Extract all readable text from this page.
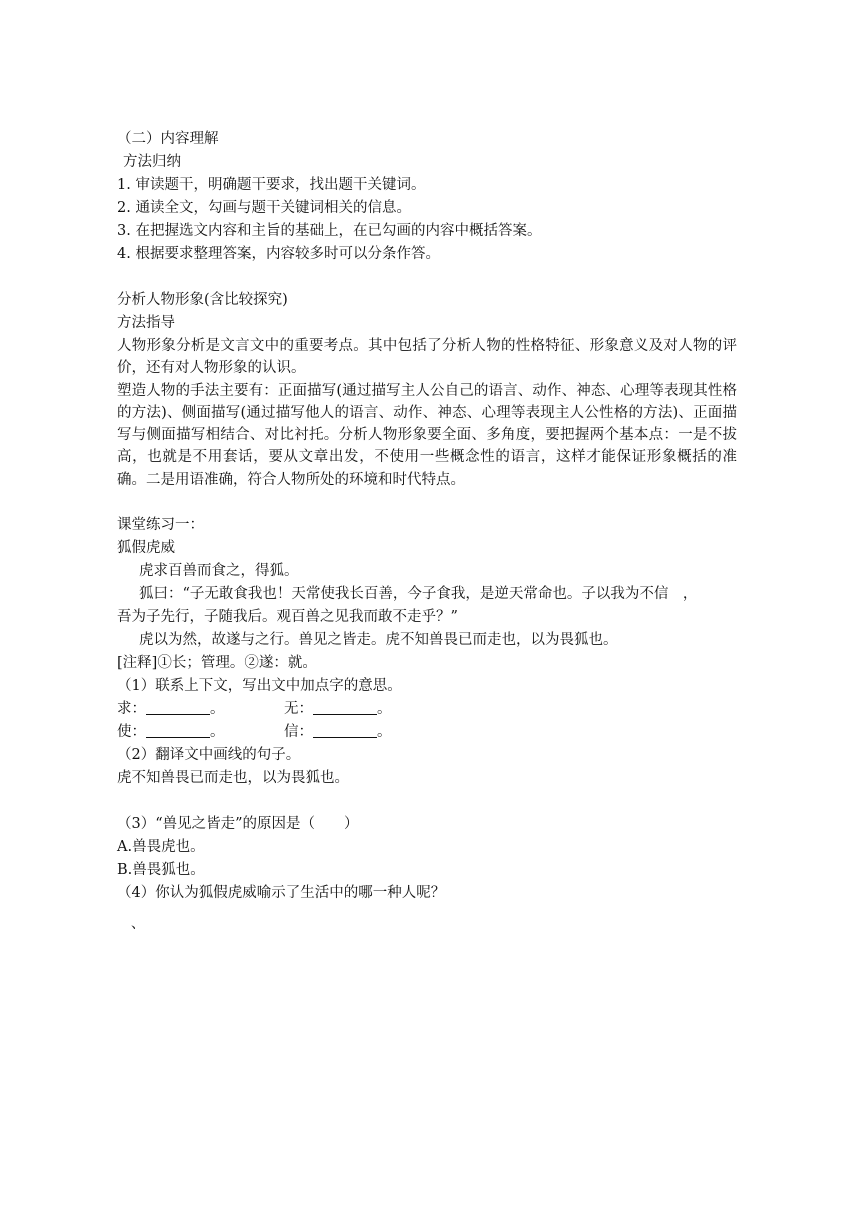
（二）内容理解
方法归纳
1. 审读题干，明确题干要求，找出题干关键词。
2. 通读全文，勾画与题干关键词相关的信息。
3. 在把握选文内容和主旨的基础上，在已勾画的内容中概括答案。
4. 根据要求整理答案，内容较多时可以分条作答。
分析人物形象(含比较探究)
方法指导
人物形象分析是文言文中的重要考点。其中包括了分析人物的性格特征、形象意义及对人物的评价，还有对人物形象的认识。
塑造人物的手法主要有：正面描写(通过描写主人公自己的语言、动作、神态、心理等表现其性格的方法)、侧面描写(通过描写他人的语言、动作、神态、心理等表现主人公性格的方法)、正面描写与侧面描写相结合、对比衬托。分析人物形象要全面、多角度，要把握两个基本点：一是不拔高，也就是不用套话，要从文章出发，不使用一些概念性的语言，这样才能保证形象概括的准确。二是用语准确，符合人物所处的环境和时代特点。
课堂练习一：
狐假虎威
虎求百兽而食之，得狐。
狐曰：“子无敢食我也！天常使我长百善，今子食我，是逆天常命也。子以我为不信　，
吾为子先行，子随我后。观百兽之见我而敢不走乎？”
虎以为然，故遂与之行。兽见之皆走。虎不知兽畏已而走也，以为畏狐也。
[注释]①长；管理。②遂：就。
（1）联系上下文，写出文中加点字的意思。
求：	。	无：	。
使：	。	信：	。
（2）翻译文中画线的句子。
虎不知兽畏已而走也，以为畏狐也。
（3）“兽见之皆走”的原因是（　　）
A.兽畏虎也。
B.兽畏狐也。
（4）你认为狐假虎威喻示了生活中的哪一种人呢？
、
